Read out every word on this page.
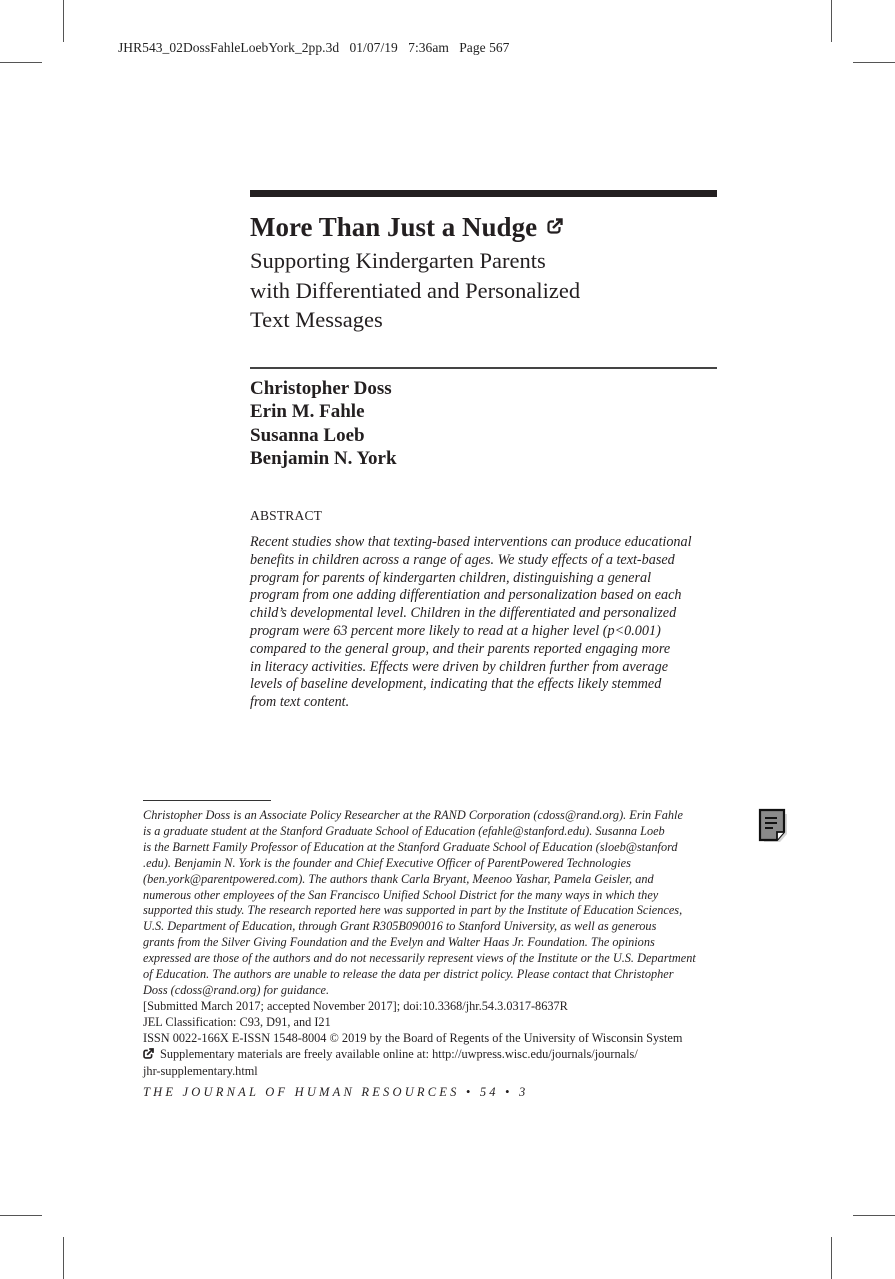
JHR543_02DossFahleLoebYork_2pp.3d 01/07/19 7:36am Page 567
More Than Just a Nudge
Supporting Kindergarten Parents
with Differentiated and Personalized
Text Messages
Christopher Doss
Erin M. Fahle
Susanna Loeb
Benjamin N. York
ABSTRACT
Recent studies show that texting-based interventions can produce educational
benefits in children across a range of ages. We study effects of a text-based
program for parents of kindergarten children, distinguishing a general
program from one adding differentiation and personalization based on each
child’s developmental level. Children in the differentiated and personalized
program were 63 percent more likely to read at a higher level (p<0.001)
compared to the general group, and their parents reported engaging more
in literacy activities. Effects were driven by children further from average
levels of baseline development, indicating that the effects likely stemmed
from text content.
Christopher Doss is an Associate Policy Researcher at the RAND Corporation (cdoss@rand.org). Erin Fahle
is a graduate student at the Stanford Graduate School of Education (efahle@stanford.edu). Susanna Loeb
is the Barnett Family Professor of Education at the Stanford Graduate School of Education (sloeb@stanford
.edu). Benjamin N. York is the founder and Chief Executive Officer of ParentPowered Technologies
(ben.york@parentpowered.com). The authors thank Carla Bryant, Meenoo Yashar, Pamela Geisler, and
numerous other employees of the San Francisco Unified School District for the many ways in which they
supported this study. The research reported here was supported in part by the Institute of Education Sciences,
U.S. Department of Education, through Grant R305B090016 to Stanford University, as well as generous
grants from the Silver Giving Foundation and the Evelyn and Walter Haas Jr. Foundation. The opinions
expressed are those of the authors and do not necessarily represent views of the Institute or the U.S. Department
of Education. The authors are unable to release the data per district policy. Please contact that Christopher
Doss (cdoss@rand.org) for guidance.
[Submitted March 2017; accepted November 2017]; doi:10.3368/jhr.54.3.0317-8637R
JEL Classification: C93, D91, and I21
ISSN 0022-166X E-ISSN 1548-8004 © 2019 by the Board of Regents of the University of Wisconsin System
Supplementary materials are freely available online at: http://uwpress.wisc.edu/journals/journals/
jhr-supplementary.html
THE JOURNAL OF HUMAN RESOURCES • 54 • 3
